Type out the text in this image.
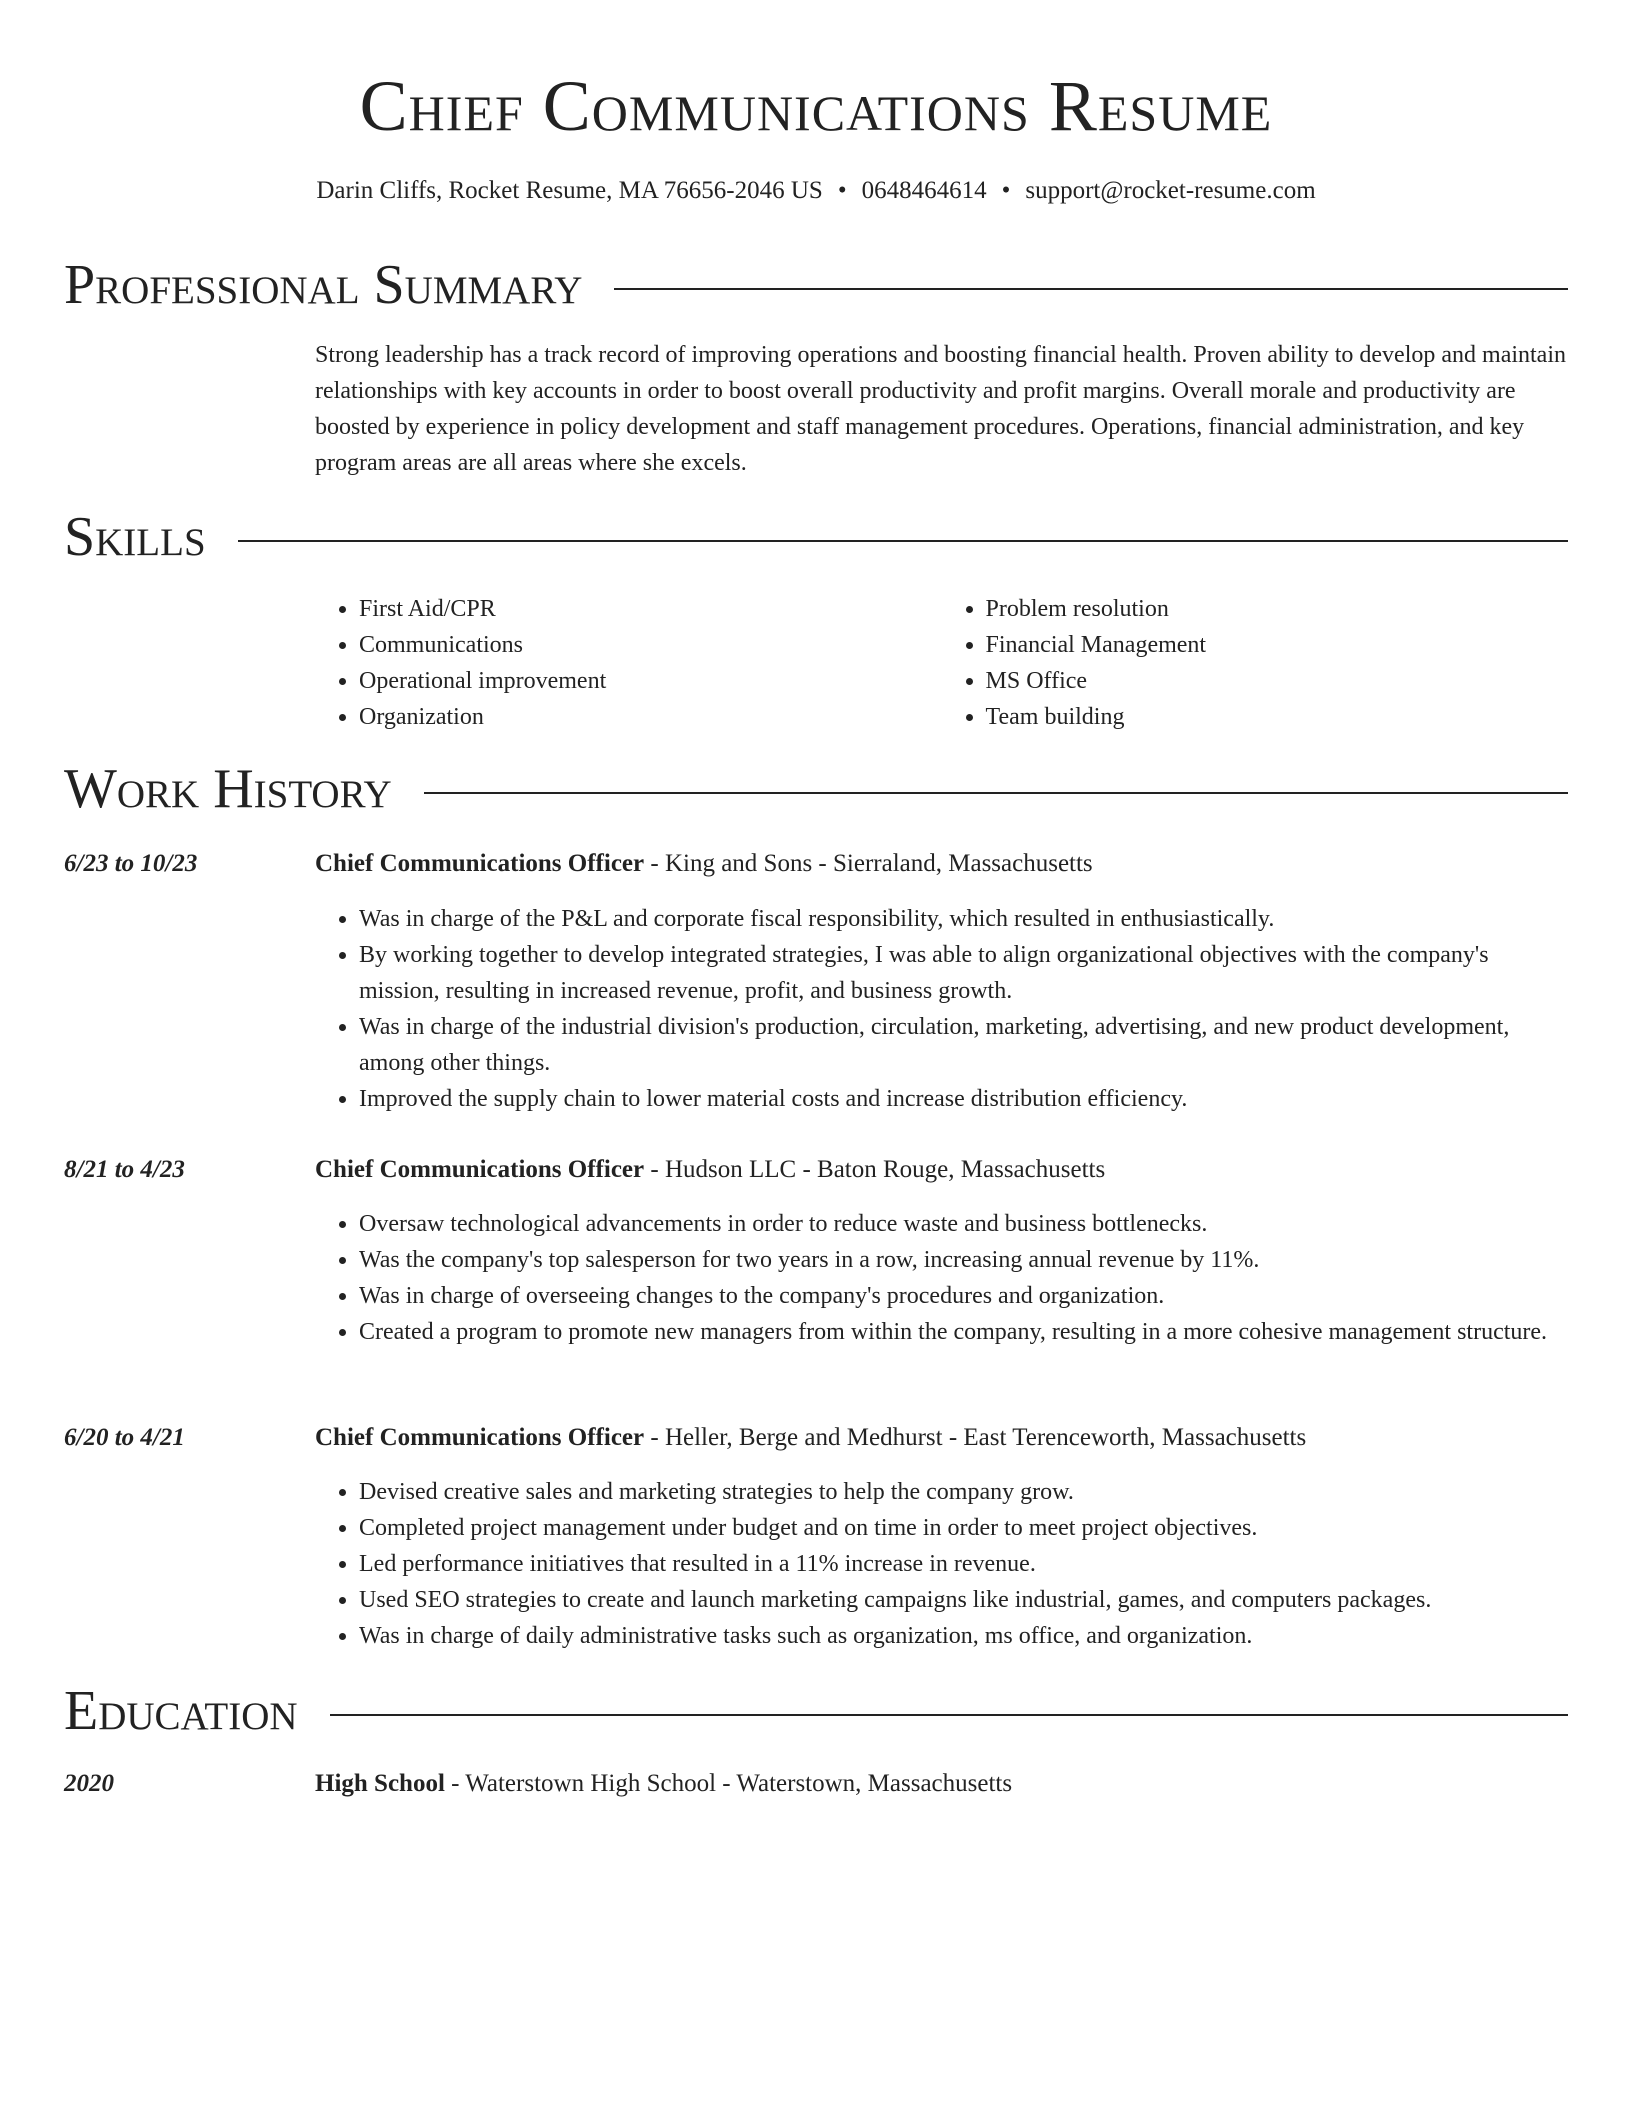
Chief Communications Resume
Darin Cliffs, Rocket Resume, MA 76656-2046 US • 0648464614 • support@rocket-resume.com
Professional Summary
Strong leadership has a track record of improving operations and boosting financial health. Proven ability to develop and maintain relationships with key accounts in order to boost overall productivity and profit margins. Overall morale and productivity are boosted by experience in policy development and staff management procedures. Operations, financial administration, and key program areas are all areas where she excels.
Skills
• First Aid/CPR
• Communications
• Operational improvement
• Organization
• Problem resolution
• Financial Management
• MS Office
• Team building
Work History
6/23 to 10/23	Chief Communications Officer - King and Sons - Sierraland, Massachusetts
• Was in charge of the P&L and corporate fiscal responsibility, which resulted in enthusiastically.
• By working together to develop integrated strategies, I was able to align organizational objectives with the company's mission, resulting in increased revenue, profit, and business growth.
• Was in charge of the industrial division's production, circulation, marketing, advertising, and new product development, among other things.
• Improved the supply chain to lower material costs and increase distribution efficiency.
8/21 to 4/23	Chief Communications Officer - Hudson LLC - Baton Rouge, Massachusetts
• Oversaw technological advancements in order to reduce waste and business bottlenecks.
• Was the company's top salesperson for two years in a row, increasing annual revenue by 11%.
• Was in charge of overseeing changes to the company's procedures and organization.
• Created a program to promote new managers from within the company, resulting in a more cohesive management structure.
6/20 to 4/21	Chief Communications Officer - Heller, Berge and Medhurst - East Terenceworth, Massachusetts
• Devised creative sales and marketing strategies to help the company grow.
• Completed project management under budget and on time in order to meet project objectives.
• Led performance initiatives that resulted in a 11% increase in revenue.
• Used SEO strategies to create and launch marketing campaigns like industrial, games, and computers packages.
• Was in charge of daily administrative tasks such as organization, ms office, and organization.
Education
2020	High School - Waterstown High School - Waterstown, Massachusetts
